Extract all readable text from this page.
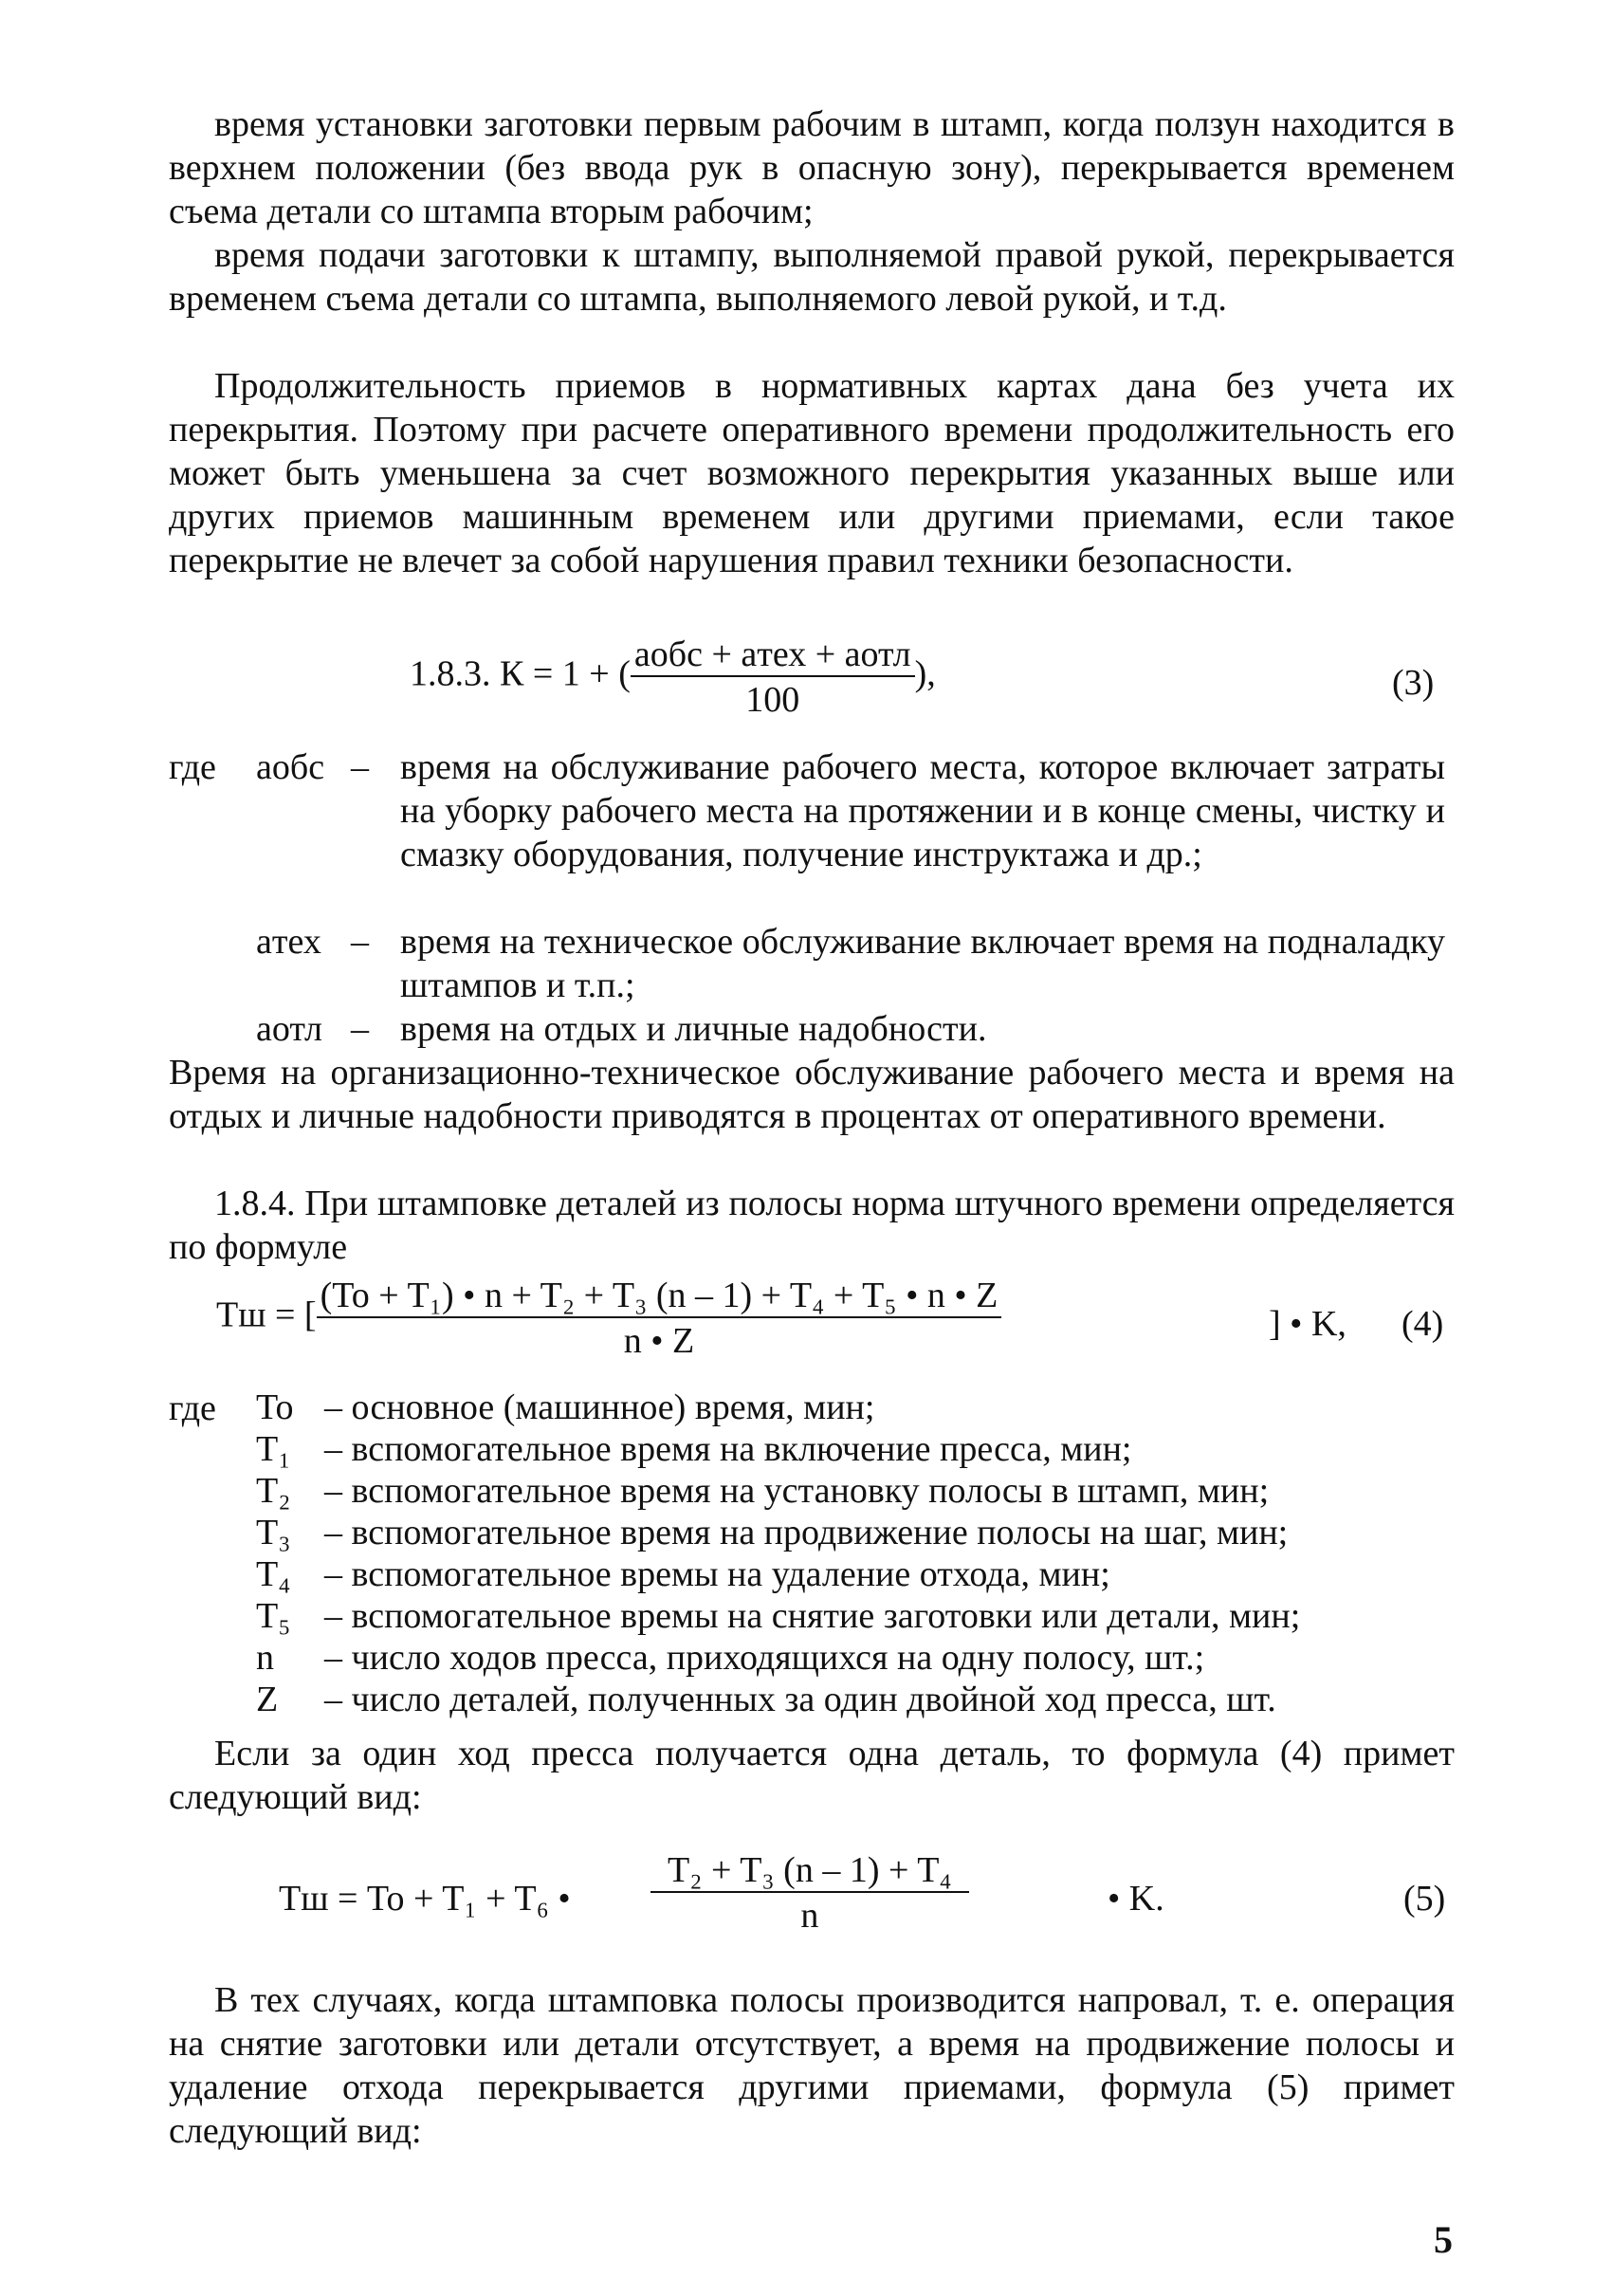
время установки заготовки первым рабочим в штамп, когда ползун находится в верхнем положении (без ввода рук в опасную зону), перекрывается временем съема детали со штампа вторым рабочим;

время подачи заготовки к штампу, выполняемой правой рукой, перекрывается временем съема детали со штампа, выполняемого левой рукой, и т.д.

Продолжительность приемов в нормативных картах дана без учета их перекрытия. Поэтому при расчете оперативного времени продолжительность его может быть уменьшена за счет возможного перекрытия указанных выше или других приемов машинным временем или другими приемами, если такое перекрытие не влечет за собой нарушения правил техники безопасности.

1.8.3. К = 1 + ( $\frac{\text{aобс + aтех + aотл}}{100}$ ),	(3)
где aобс – время на обслуживание рабочего места, которое включает затраты на уборку рабочего места на протяжении и в конце смены, чистку и смазку оборудования, получение инструктажа и др.;
aтех – время на техническое обслуживание включает время на подналадку штампов и т.п.;
aотл – время на отдых и личные надобности.

Время на организационно-техническое обслуживание рабочего места и время на отдых и личные надобности приводятся в процентах от оперативного времени.

1.8.4. При штамповке деталей из полосы норма штучного времени определяется по формуле

Tш = [ $\frac{\text{(To + T₁) • n + T₂ + T₃ (n – 1) + T₄ + T₅ • n • Z}}{n • Z}$	] • K, (4)
где To – основное (машинное) время, мин;
T₁ – вспомогательное время на включение пресса, мин;
T₂ – вспомогательное время на установку полосы в штамп, мин;
T₃ – вспомогательное время на продвижение полосы на шаг, мин;
T₄ – вспомогательное времы на удаление отхода, мин;
T₅ – вспомогательное времы на снятие заготовки или детали, мин;
n – число ходов пресса, приходящихся на одну полосу, шт.;
Z – число деталей, полученных за один двойной ход пресса, шт.

Если за один ход пресса получается одна деталь, то формула (4) примет следующий вид:

Tш = To + T₁ + T₆ • $\frac{\text{T₂ + T₃ (n – 1) + T₄}}{n}$	• K.	(5)

В тех случаях, когда штамповка полосы производится напровал, т. е. операция на снятие заготовки или детали отсутствует, а время на продвижение полосы и удаление отхода перекрывается другими приемами, формула (5) примет следующий вид:

5
